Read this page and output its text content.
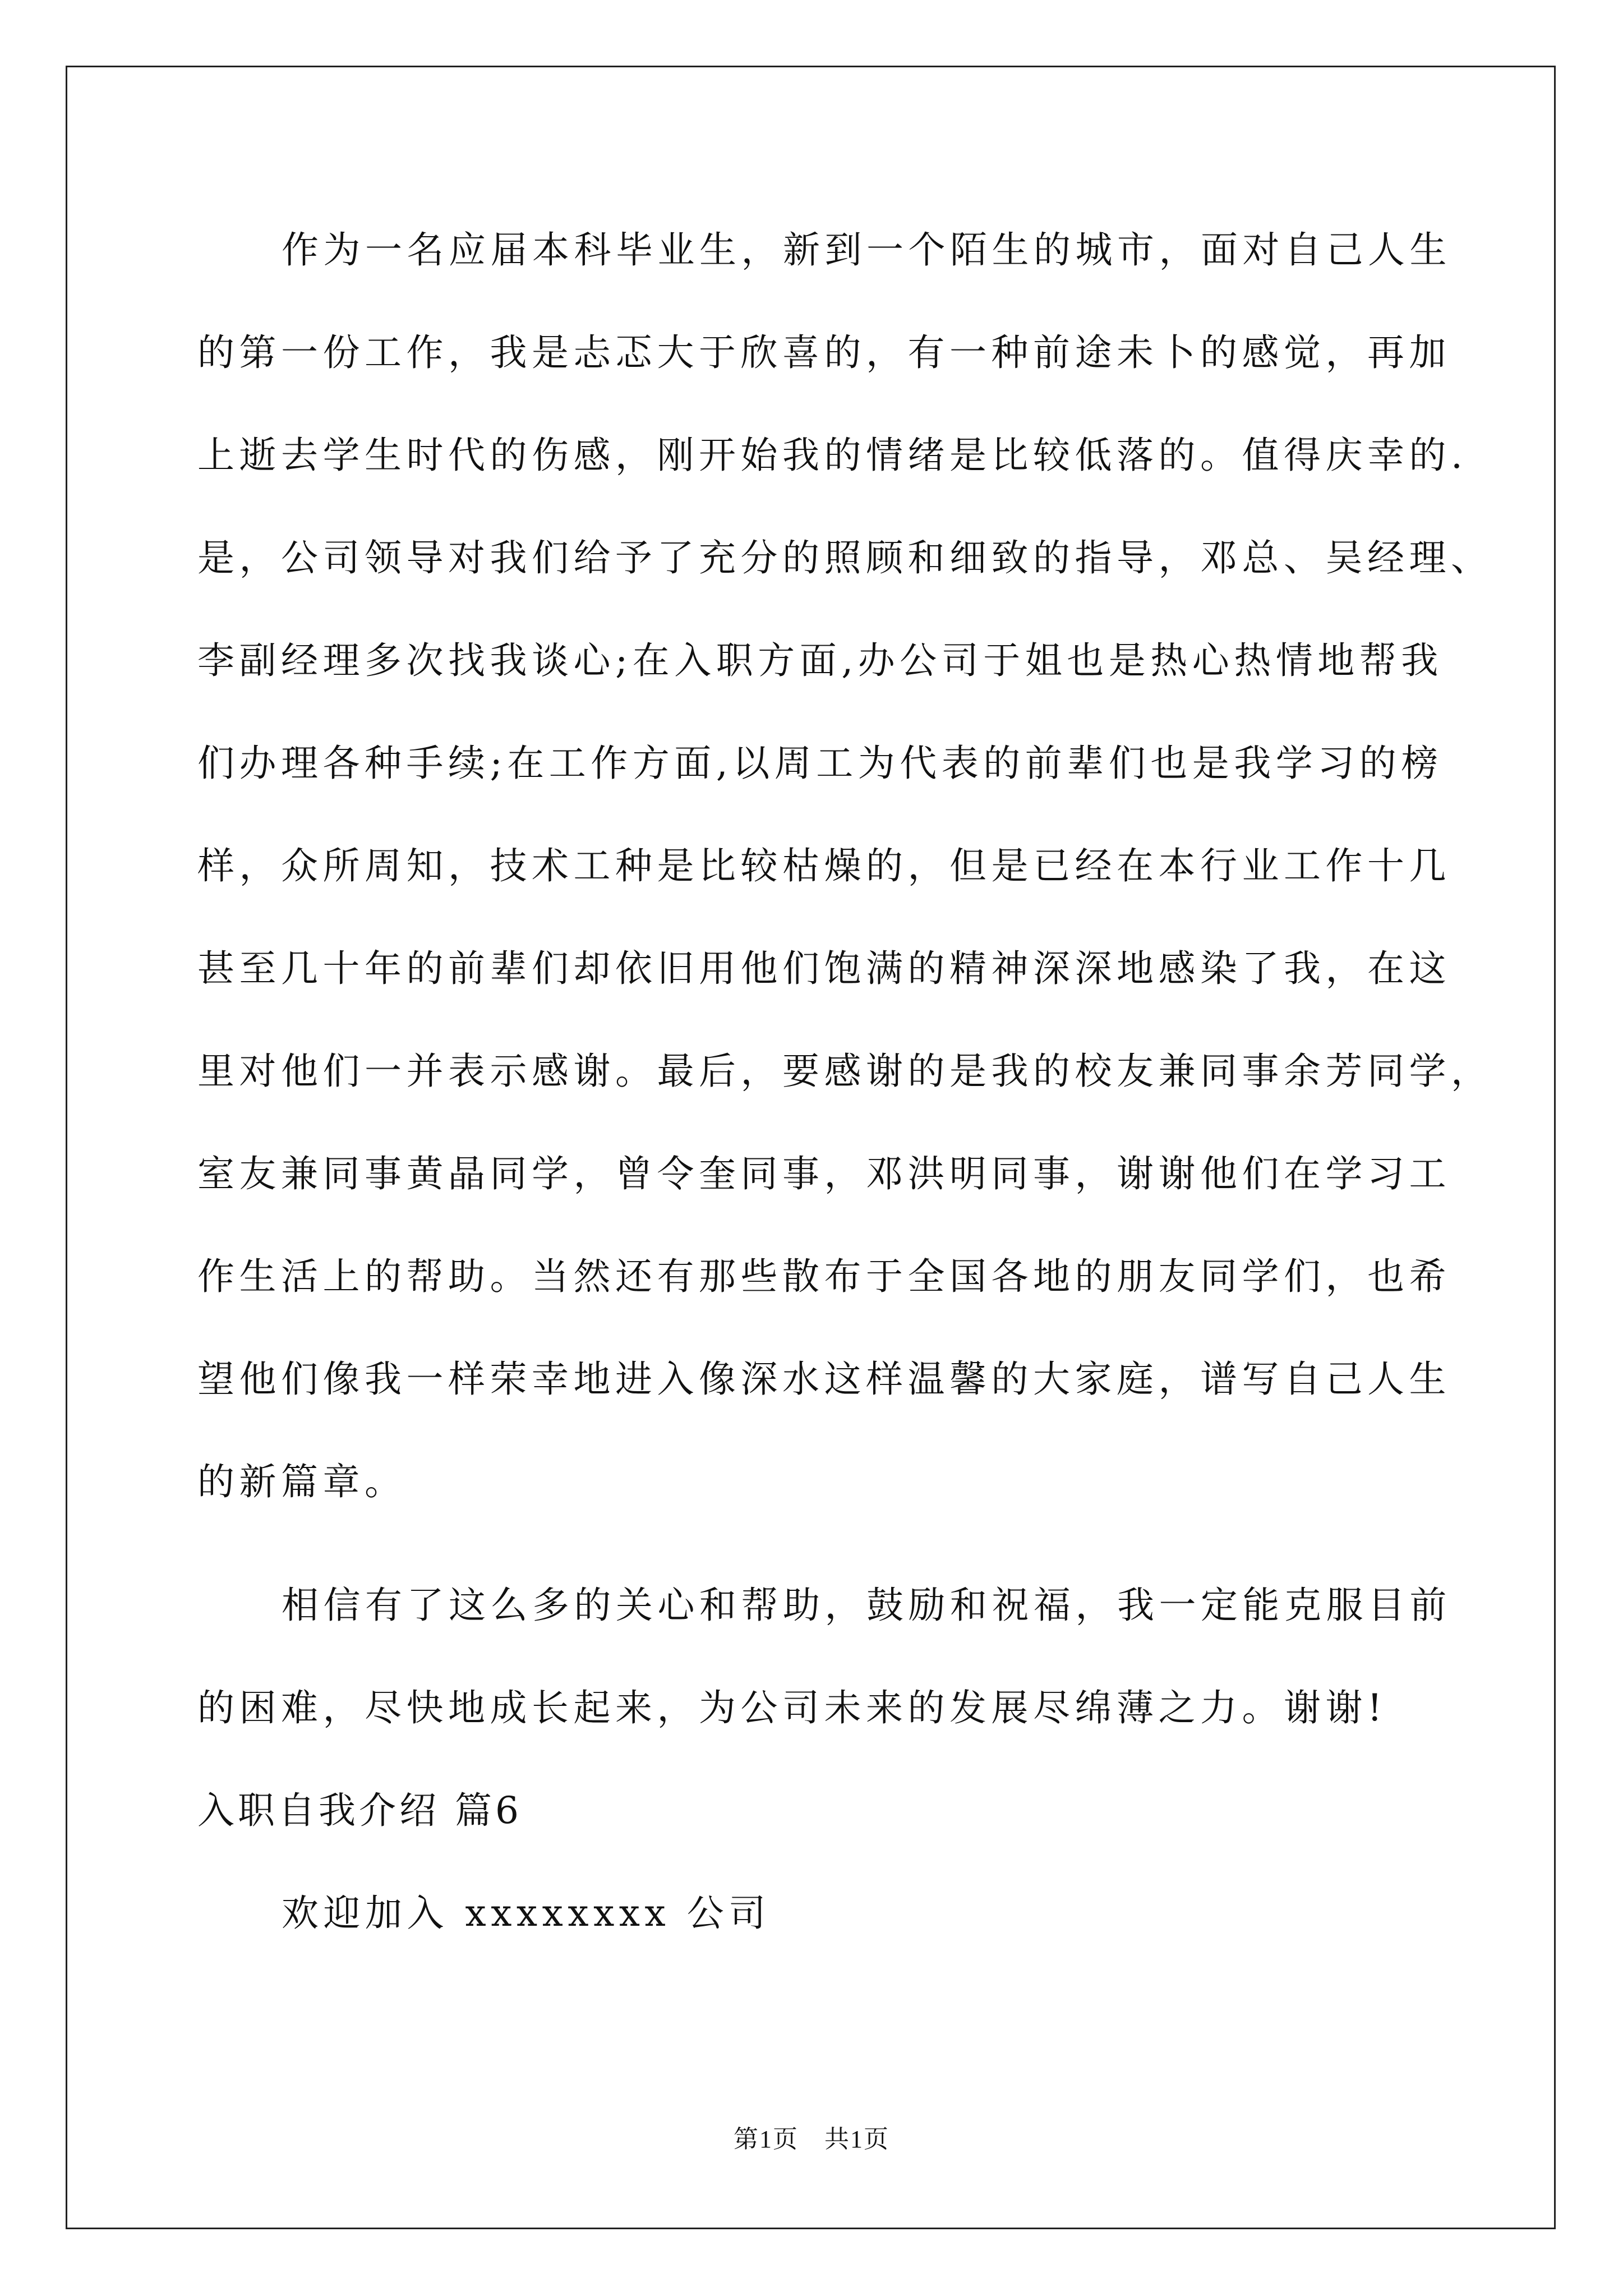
作为一名应届本科毕业生，新到一个陌生的城市，面对自己人生
的第一份工作，我是忐忑大于欣喜的，有一种前途未卜的感觉，再加
上逝去学生时代的伤感，刚开始我的情绪是比较低落的。值得庆幸的.
是，公司领导对我们给予了充分的照顾和细致的指导，邓总、吴经理、
李副经理多次找我谈心;在入职方面,办公司于姐也是热心热情地帮我
们办理各种手续;在工作方面,以周工为代表的前辈们也是我学习的榜
样，众所周知，技术工种是比较枯燥的，但是已经在本行业工作十几
甚至几十年的前辈们却依旧用他们饱满的精神深深地感染了我，在这
里对他们一并表示感谢。最后，要感谢的是我的校友兼同事余芳同学，
室友兼同事黄晶同学，曾令奎同事，邓洪明同事，谢谢他们在学习工
作生活上的帮助。当然还有那些散布于全国各地的朋友同学们，也希
望他们像我一样荣幸地进入像深水这样温馨的大家庭，谱写自己人生
的新篇章。
相信有了这么多的关心和帮助，鼓励和祝福，我一定能克服目前
的困难，尽快地成长起来，为公司未来的发展尽绵薄之力。谢谢!
入职自我介绍 篇6
欢迎加入 xxxxxxxx 公司
第1页　共1页
